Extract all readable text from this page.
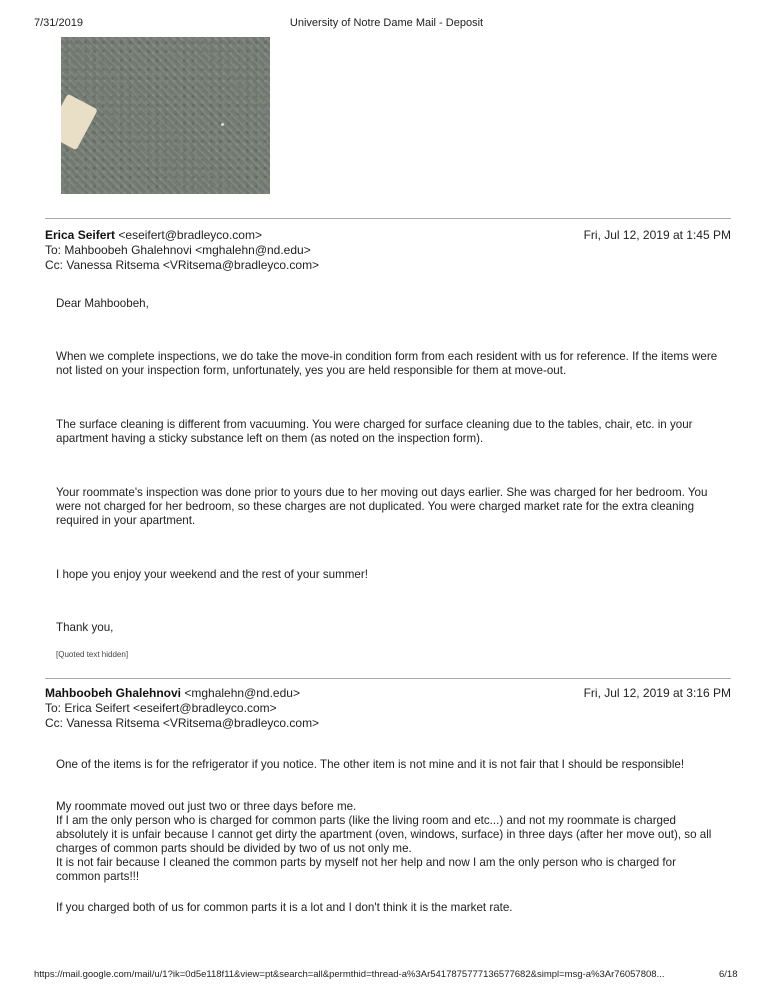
7/31/2019	University of Notre Dame Mail - Deposit
Erica Seifert <eseifert@bradleyco.com>	Fri, Jul 12, 2019 at 1:45 PM
To: Mahboobeh Ghalehnovi <mghalehn@nd.edu>
Cc: Vanessa Ritsema <VRitsema@bradleyco.com>

Dear Mahboobeh,

When we complete inspections, we do take the move-in condition form from each resident with us for reference. If the items were not listed on your inspection form, unfortunately, yes you are held responsible for them at move-out.

The surface cleaning is different from vacuuming. You were charged for surface cleaning due to the tables, chair, etc. in your apartment having a sticky substance left on them (as noted on the inspection form).

Your roommate's inspection was done prior to yours due to her moving out days earlier. She was charged for her bedroom. You were not charged for her bedroom, so these charges are not duplicated. You were charged market rate for the extra cleaning required in your apartment.

I hope you enjoy your weekend and the rest of your summer!

Thank you,

[Quoted text hidden]
Mahboobeh Ghalehnovi <mghalehn@nd.edu>	Fri, Jul 12, 2019 at 3:16 PM
To: Erica Seifert <eseifert@bradleyco.com>
Cc: Vanessa Ritsema <VRitsema@bradleyco.com>

One of the items is for the refrigerator if you notice. The other item is not mine and it is not fair that I should be responsible!

My roommate moved out just two or three days before me.

If I am the only person who is charged for common parts (like the living room and etc...) and not my roommate is charged absolutely it is unfair because I cannot get dirty the apartment (oven, windows, surface) in three days (after her move out), so all charges of common parts should be divided by two of us not only me.

It is not fair because I cleaned the common parts by myself not her help and now I am the only person who is charged for common parts!!!

If you charged both of us for common parts it is a lot and I don't think it is the market rate.

https://mail.google.com/mail/u/1?ik=0d5e118f11&view=pt&search=all&permthid=thread-a%3Ar5417875777136577682&simpl=msg-a%3Ar76057808...	6/18
